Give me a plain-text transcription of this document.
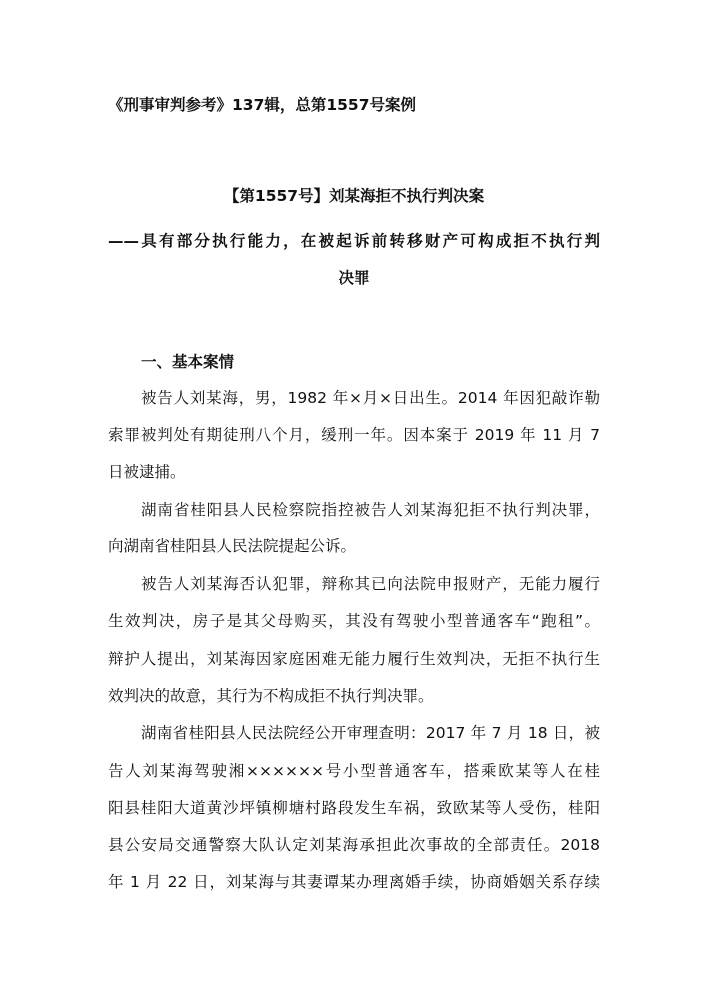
《刑事审判参考》137辑，总第1557号案例
【第1557号】刘某海拒不执行判决案
——具有部分执行能力，在被起诉前转移财产可构成拒不执行判
决罪
一、基本案情
被告人刘某海，男，1982 年×月×日出生。2014 年因犯敲诈勒
索罪被判处有期徒刑八个月，缓刑一年。因本案于 2019 年 11 月 7
日被逮捕。
湖南省桂阳县人民检察院指控被告人刘某海犯拒不执行判决罪，
向湖南省桂阳县人民法院提起公诉。
被告人刘某海否认犯罪，辩称其已向法院申报财产，无能力履行
生效判决，房子是其父母购买，其没有驾驶小型普通客车“跑租”。
辩护人提出，刘某海因家庭困难无能力履行生效判决，无拒不执行生
效判决的故意，其行为不构成拒不执行判决罪。
湖南省桂阳县人民法院经公开审理查明：2017 年 7 月 18 日，被
告人刘某海驾驶湘××××××号小型普通客车，搭乘欧某等人在桂
阳县桂阳大道黄沙坪镇柳塘村路段发生车祸，致欧某等人受伤，桂阳
县公安局交通警察大队认定刘某海承担此次事故的全部责任。2018
年 1 月 22 日，刘某海与其妻谭某办理离婚手续，协商婚姻关系存续
